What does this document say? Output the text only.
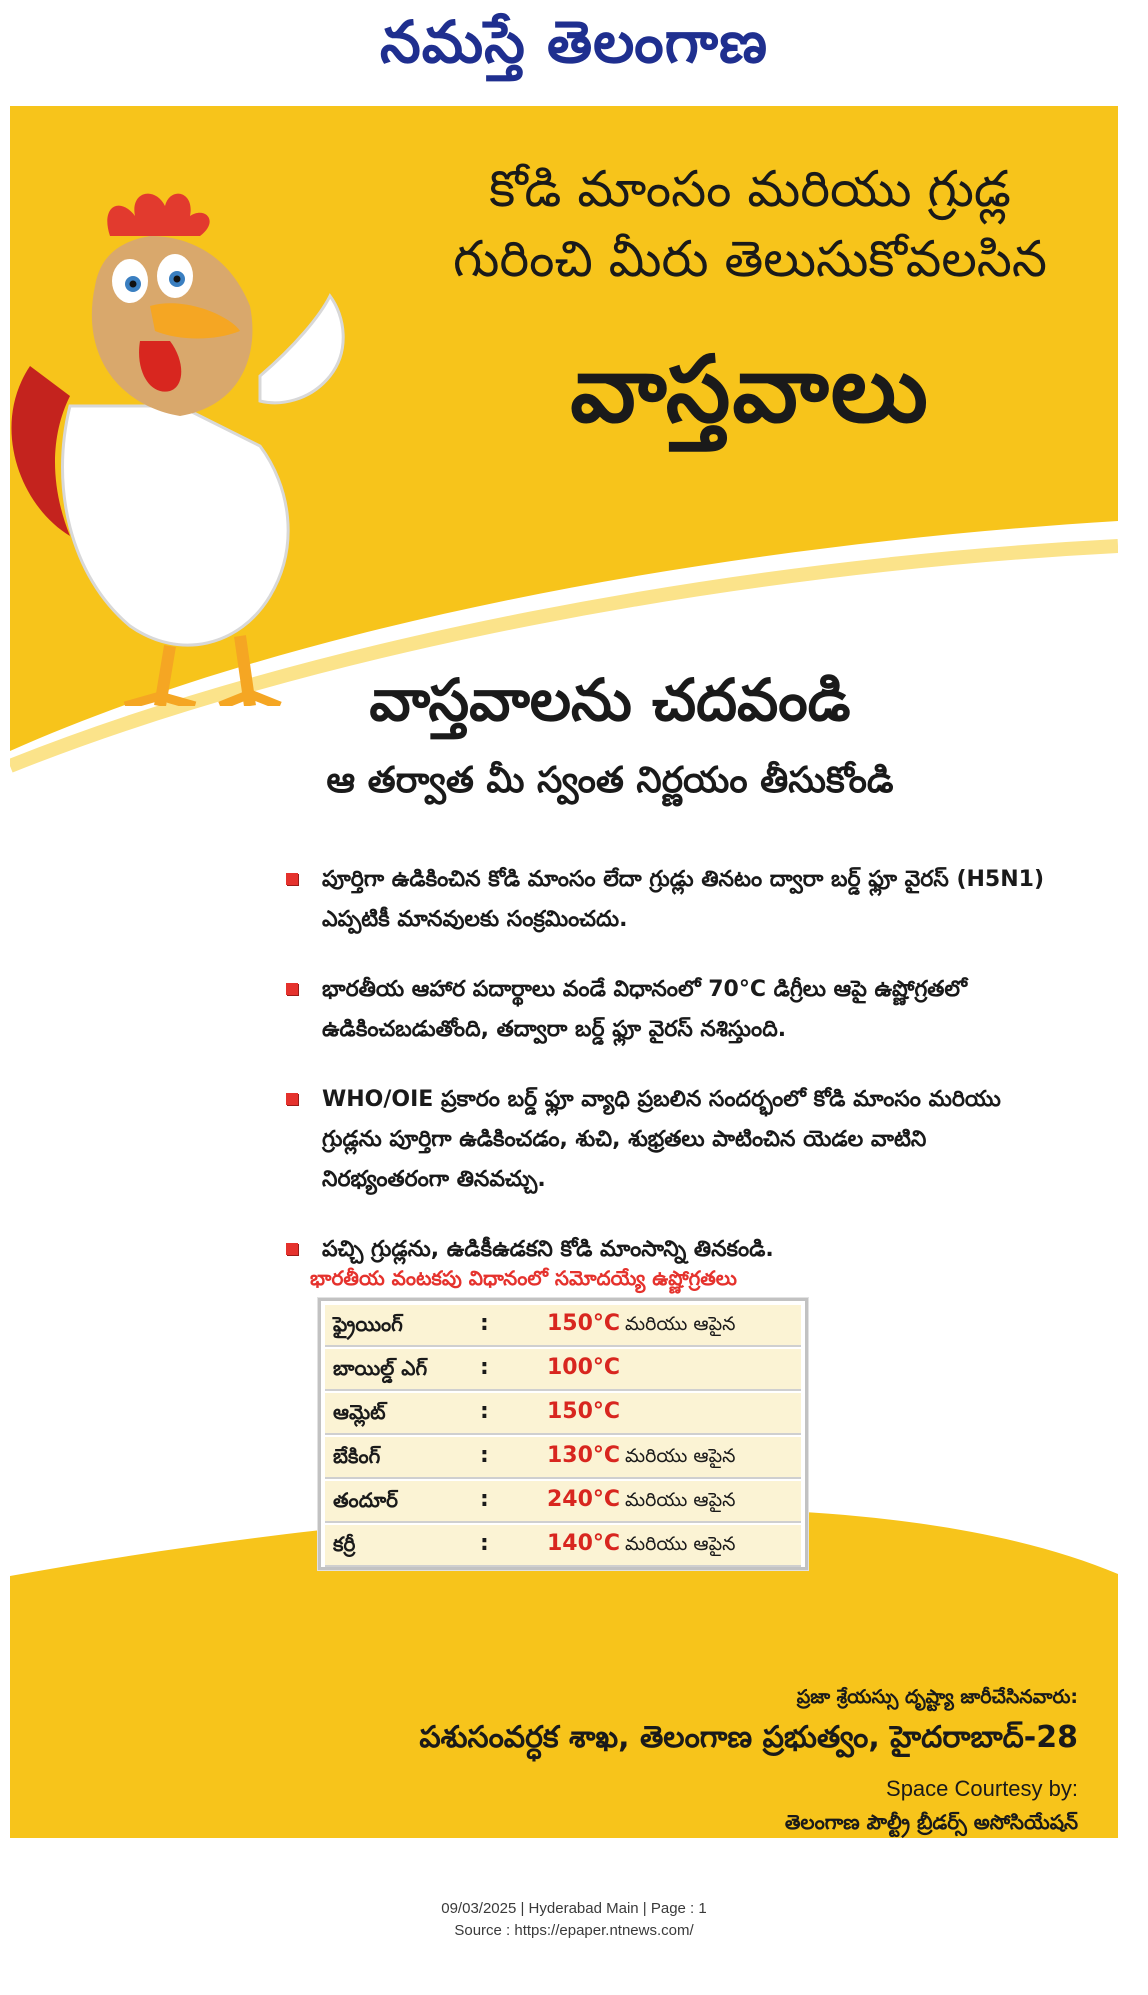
నమస్తే తెలంగాణ
కోడి మాంసం మరియు గ్రుడ్ల
గురించి మీరు తెలుసుకోవలసిన
వాస్తవాలు
వాస్తవాలను చదవండి
ఆ తర్వాత మీ స్వంత నిర్ణయం తీసుకోండి
పూర్తిగా ఉడికించిన కోడి మాంసం లేదా గ్రుడ్లు తినటం ద్వారా బర్డ్ ఫ్లూ వైరస్ (H5N1) ఎప్పటికీ మానవులకు సంక్రమించదు.
భారతీయ ఆహార పదార్థాలు వండే విధానంలో 70°C డిగ్రీలు ఆపై ఉష్ణోగ్రతలో ఉడికించబడుతోంది, తద్వారా బర్డ్ ఫ్లూ వైరస్ నశిస్తుంది.
WHO/OIE ప్రకారం బర్డ్ ఫ్లూ వ్యాధి ప్రబలిన సందర్భంలో కోడి మాంసం మరియు గ్రుడ్లను పూర్తిగా ఉడికించడం, శుచి, శుభ్రతలు పాటించిన యెడల వాటిని నిరభ్యంతరంగా తినవచ్చు.
పచ్చి గ్రుడ్లను, ఉడికీఉడకని కోడి మాంసాన్ని తినకండి.
భారతీయ వంటకపు విధానంలో సమోదయ్యే ఉష్ణోగ్రతలు
ఫ్రైయింగ్	:	150°C మరియు ఆపైన
బాయిల్డ్ ఎగ్ :	100°C
ఆమ్లెట్	:	150°C
బేకింగ్	:	130°C మరియు ఆపైన
తందూర్	:	240°C మరియు ఆపైన
కర్రీ	:	140°C మరియు ఆపైన
ప్రజా శ్రేయస్సు దృష్ట్యా జారీచేసినవారు:
పశుసంవర్ధక శాఖ, తెలంగాణ ప్రభుత్వం, హైదరాబాద్-28
Space Courtesy by:
తెలంగాణ పౌల్ట్రీ బ్రీడర్స్ అసోసియేషన్
09/03/2025 | Hyderabad Main | Page : 1
Source : https://epaper.ntnews.com/
